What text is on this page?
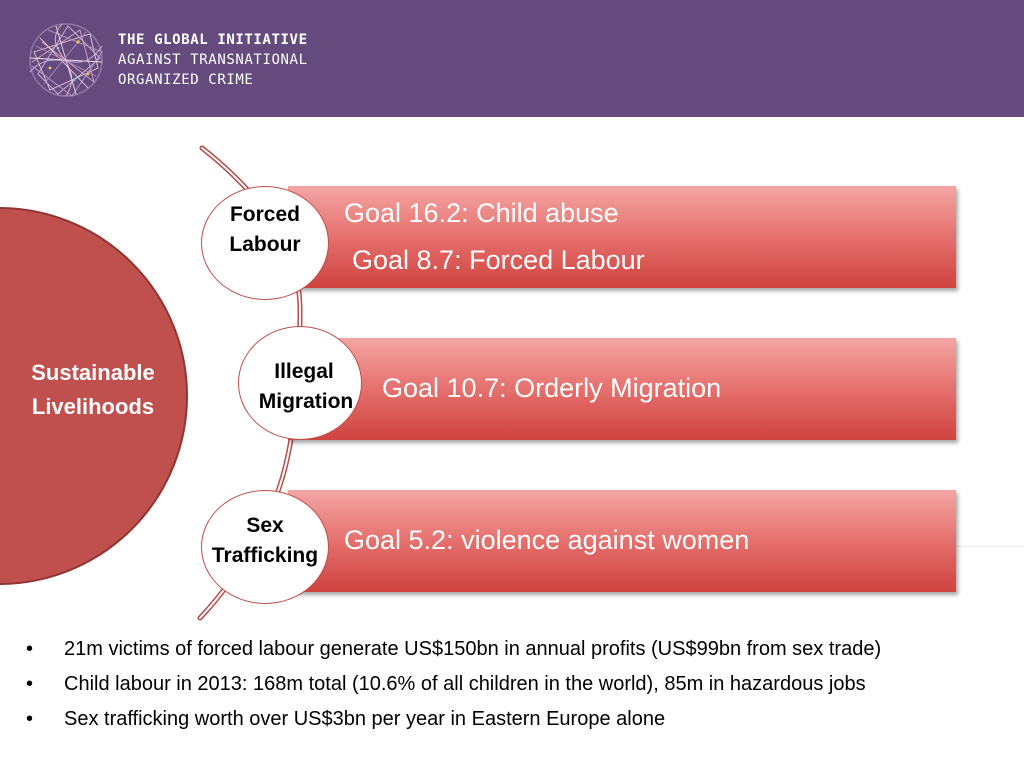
THE GLOBAL INITIATIVE
AGAINST TRANSNATIONAL
ORGANIZED CRIME
Sustainable
Livelihoods
Goal 16.2: Child abuse
Goal 8.7: Forced Labour
Goal 10.7: Orderly Migration
Goal 5.2: violence against women
Forced
Labour
Illegal
Migration
Sex
Trafficking
• 21m victims of forced labour generate US$150bn in annual profits (US$99bn from sex trade)
• Child labour in 2013: 168m total (10.6% of all children in the world), 85m in hazardous jobs
• Sex trafficking worth over US$3bn per year in Eastern Europe alone
